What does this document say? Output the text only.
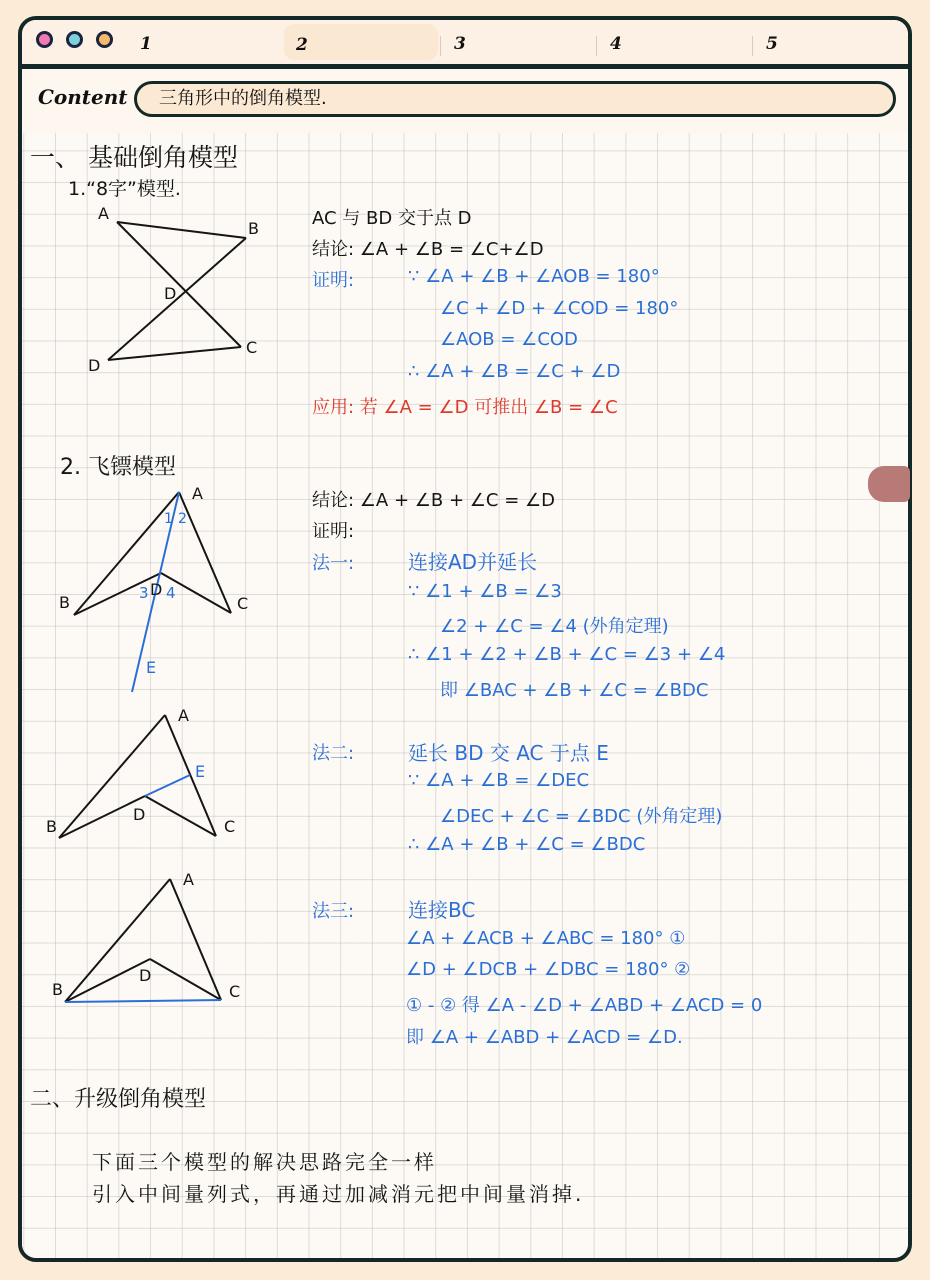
1	2	3	4	5
Content	三角形中的倒角模型.
一、 基础倒角模型
1.“8字”模型.
AC 与 BD 交于点 D
结论: ∠A + ∠B = ∠C+∠D
证明:	∵ ∠A + ∠B + ∠AOB = 180°
∠C + ∠D + ∠COD = 180°
∠AOB = ∠COD
∴ ∠A + ∠B = ∠C + ∠D
应用: 若 ∠A = ∠D 可推出 ∠B = ∠C
2. 飞镖模型
结论: ∠A + ∠B + ∠C = ∠D
证明:
法一:	连接AD并延长
∵ ∠1 + ∠B = ∠3
∠2 + ∠C = ∠4 (外角定理)
∴ ∠1 + ∠2 + ∠B + ∠C = ∠3 + ∠4
即 ∠BAC + ∠B + ∠C = ∠BDC
法二:	延长 BD 交 AC 于点 E
∵ ∠A + ∠B = ∠DEC
∠DEC + ∠C = ∠BDC (外角定理)
∴ ∠A + ∠B + ∠C = ∠BDC
法三:	连接BC
∠A + ∠ACB + ∠ABC = 180° ①
∠D + ∠DCB + ∠DBC = 180° ②
① - ② 得 ∠A - ∠D + ∠ABD + ∠ACD = 0
即 ∠A + ∠ABD + ∠ACD = ∠D.
二、升级倒角模型
下面三个模型的解决思路完全一样
引入中间量列式，再通过加减消元把中间量消掉.
A
B
D
C
D
A
B	C
D
E
1 2
3 4
A
E
B
D
C
A
B
D
C
